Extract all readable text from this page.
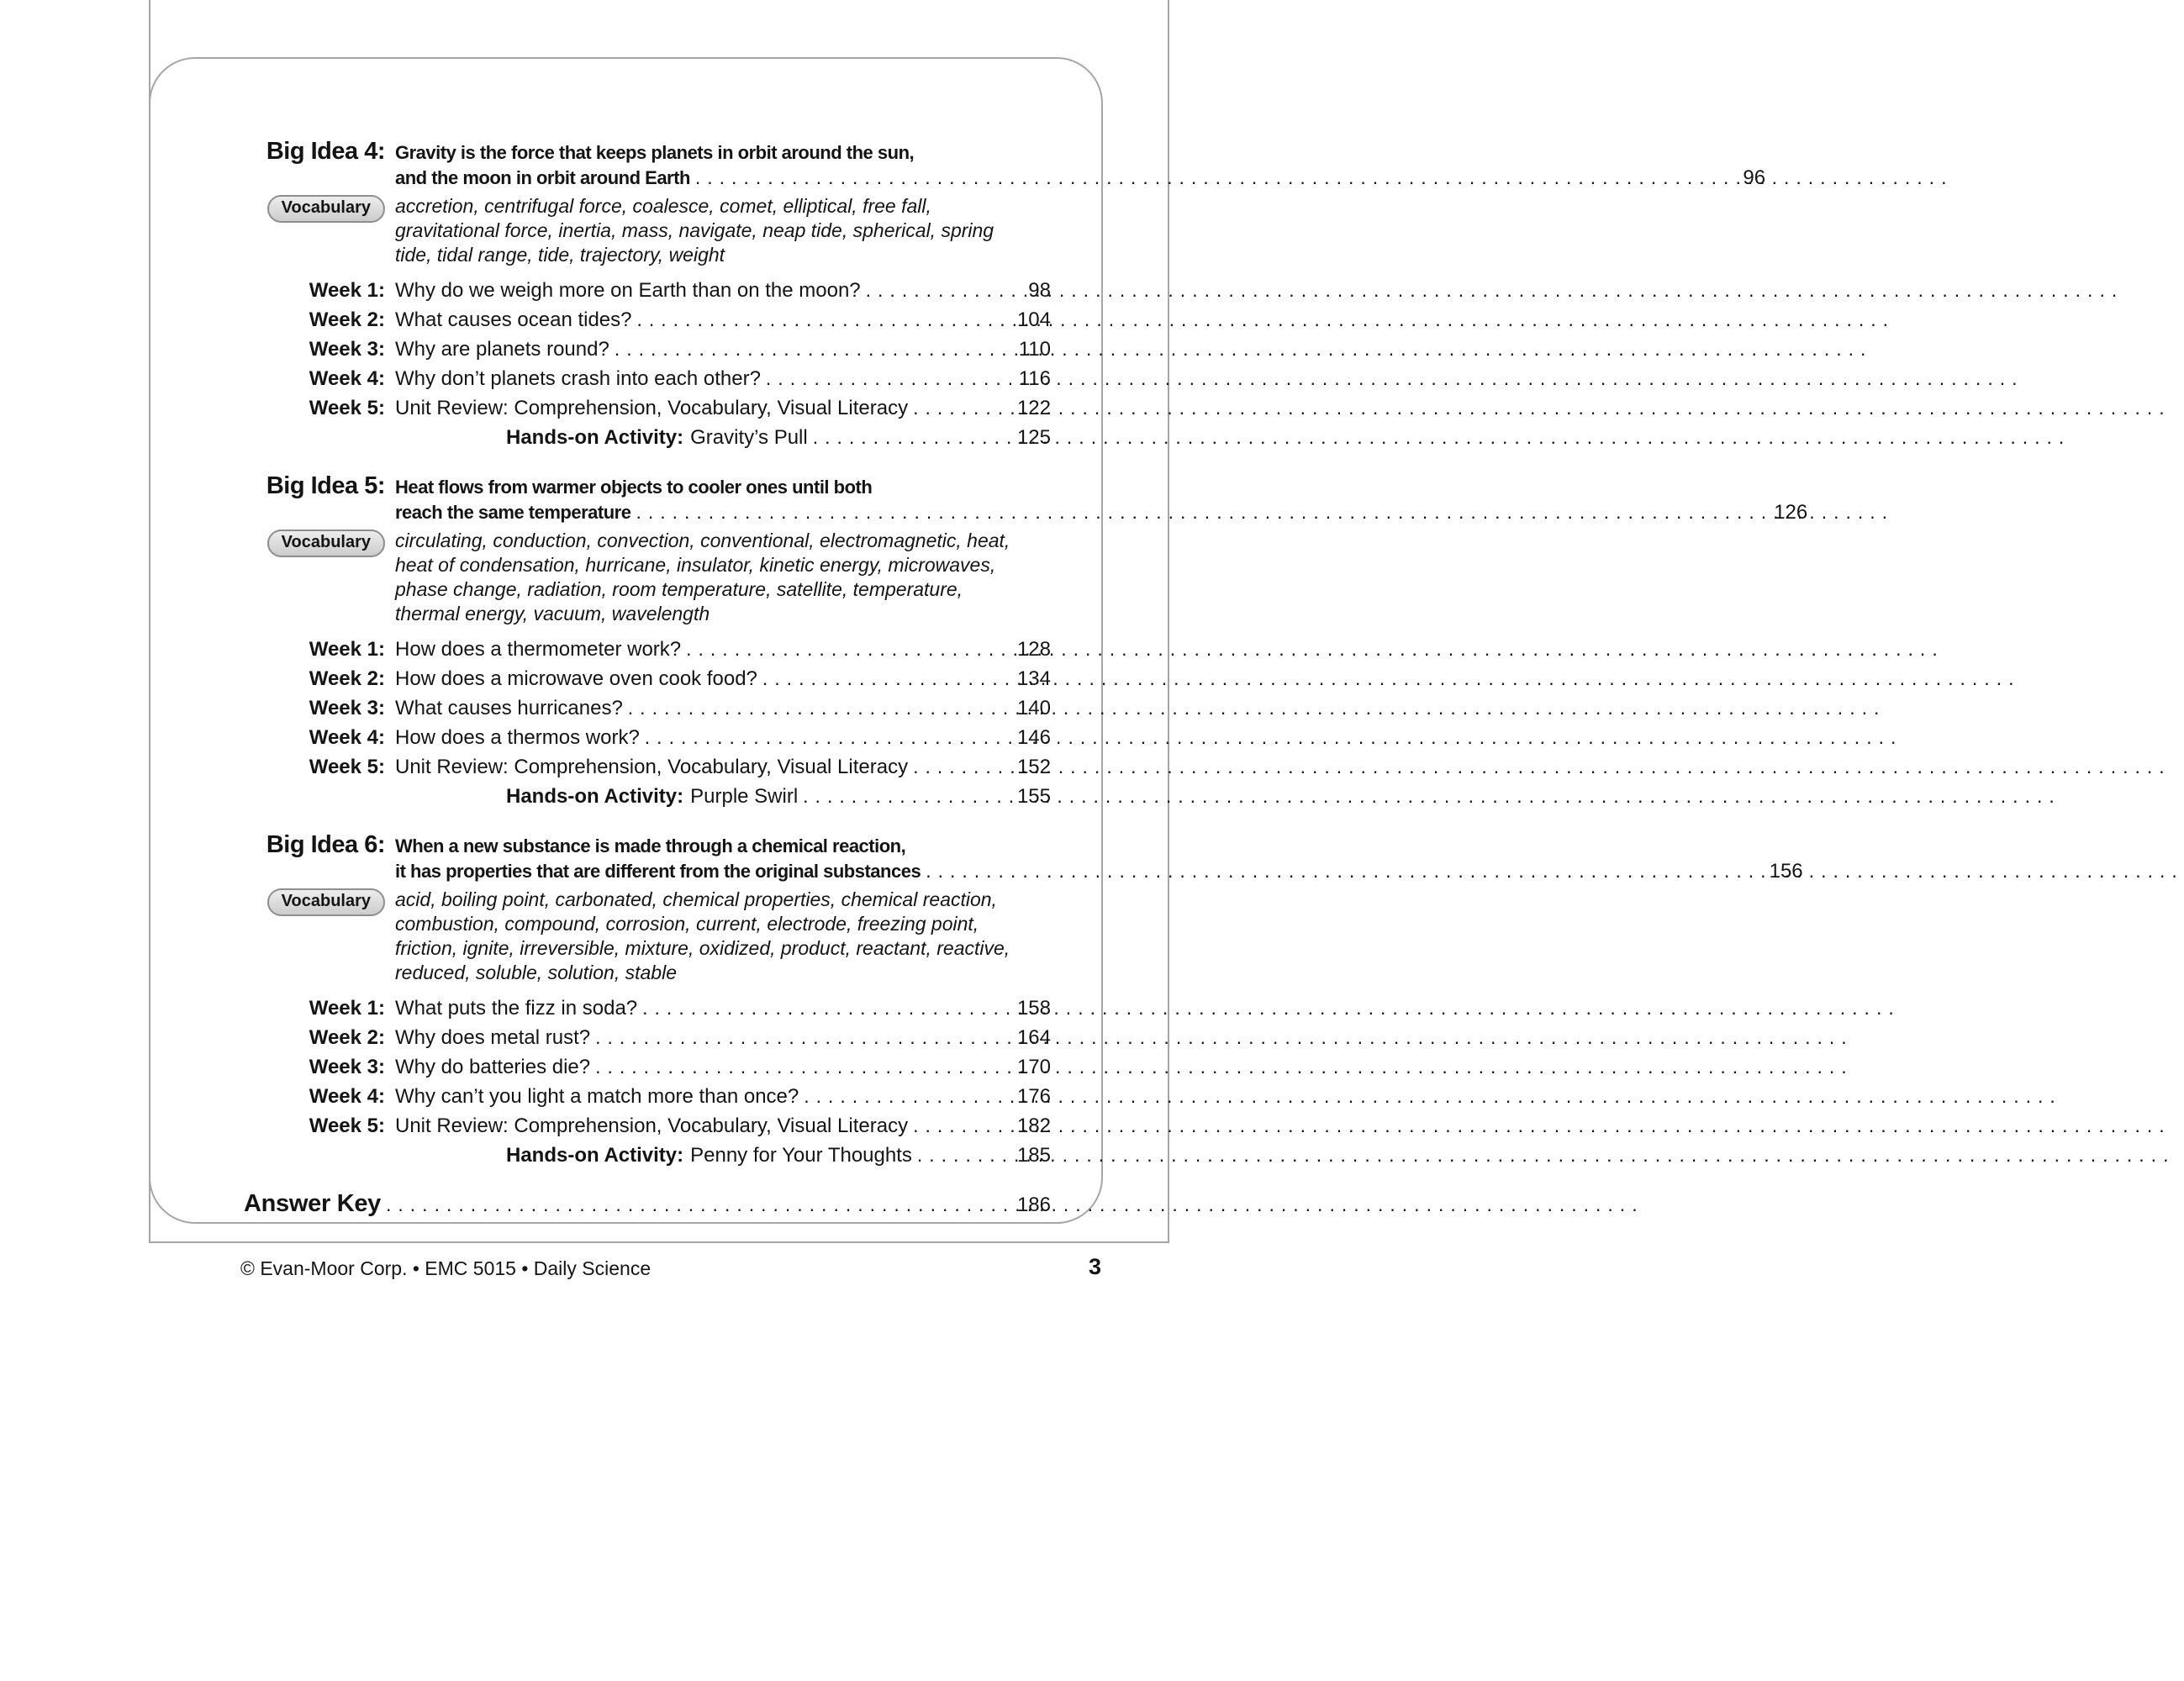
Big Idea 4: Gravity is the force that keeps planets in orbit around the sun,
and the moon in orbit around Earth .....	96
Vocabulary	accretion, centrifugal force, coalesce, comet, elliptical, free fall, gravitational force, inertia, mass, navigate, neap tide, spherical, spring tide, tidal range, tide, trajectory, weight
Week 1: Why do we weigh more on Earth than on the moon? .....	98
Week 2: What causes ocean tides? .....	104
Week 3: Why are planets round? .....	110
Week 4: Why don’t planets crash into each other? .....	116
Week 5: Unit Review: Comprehension, Vocabulary, Visual Literacy .....	122
Hands-on Activity: Gravity’s Pull .....	125
Big Idea 5: Heat flows from warmer objects to cooler ones until both
reach the same temperature .....	126
Vocabulary	circulating, conduction, convection, conventional, electromagnetic, heat, heat of condensation, hurricane, insulator, kinetic energy, microwaves, phase change, radiation, room temperature, satellite, temperature, thermal energy, vacuum, wavelength
Week 1: How does a thermometer work? .....	128
Week 2: How does a microwave oven cook food? .....	134
Week 3: What causes hurricanes? .....	140
Week 4: How does a thermos work? .....	146
Week 5: Unit Review: Comprehension, Vocabulary, Visual Literacy .....	152
Hands-on Activity: Purple Swirl .....	155
Big Idea 6: When a new substance is made through a chemical reaction,
it has properties that are different from the original substances .....	156
Vocabulary	acid, boiling point, carbonated, chemical properties, chemical reaction, combustion, compound, corrosion, current, electrode, freezing point, friction, ignite, irreversible, mixture, oxidized, product, reactant, reactive, reduced, soluble, solution, stable
Week 1: What puts the fizz in soda? .....	158
Week 2: Why does metal rust? .....	164
Week 3: Why do batteries die? .....	170
Week 4: Why can’t you light a match more than once? .....	176
Week 5: Unit Review: Comprehension, Vocabulary, Visual Literacy .....	182
Hands-on Activity: Penny for Your Thoughts .....	185
Answer Key .....	186
© Evan-Moor Corp. • EMC 5015 • Daily Science	3
